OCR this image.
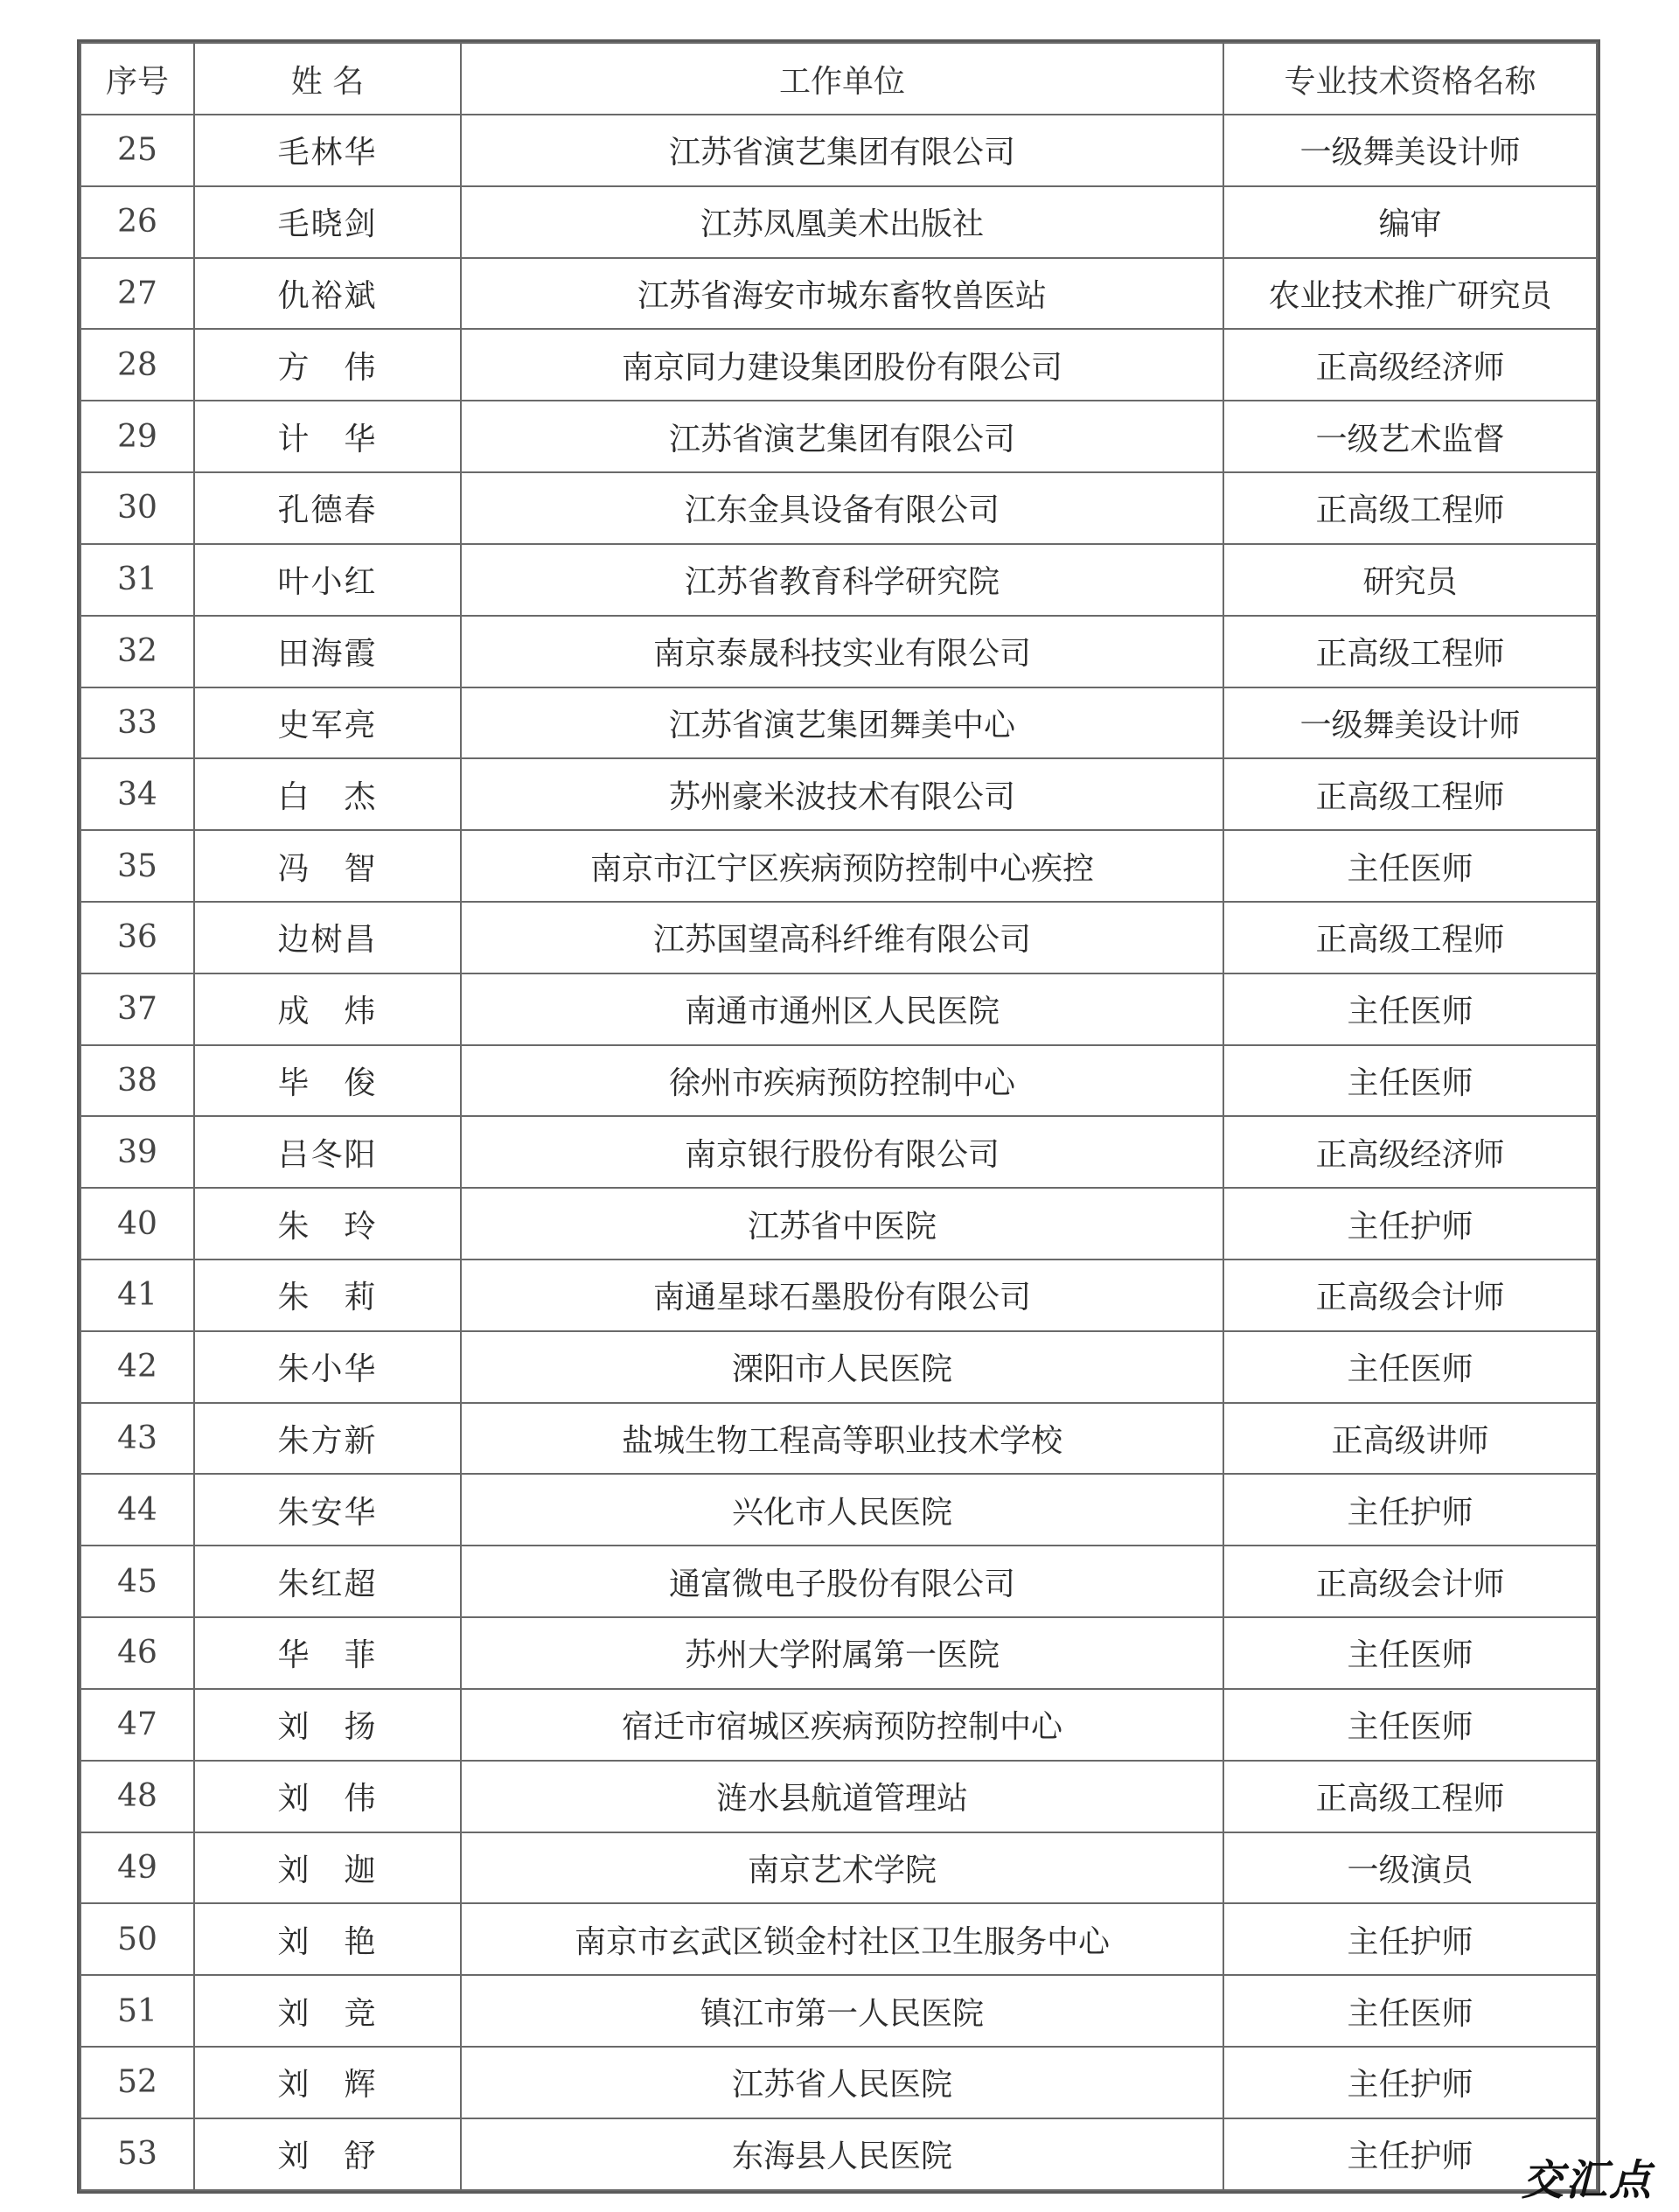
序号	姓 名	工作单位	专业技术资格名称
25	毛林华	江苏省演艺集团有限公司	一级舞美设计师
26	毛晓剑	江苏凤凰美术出版社	编审
27	仇裕斌	江苏省海安市城东畜牧兽医站	农业技术推广研究员
28	方　伟	南京同力建设集团股份有限公司	正高级经济师
29	计　华	江苏省演艺集团有限公司	一级艺术监督
30	孔德春	江东金具设备有限公司	正高级工程师
31	叶小红	江苏省教育科学研究院	研究员
32	田海霞	南京泰晟科技实业有限公司	正高级工程师
33	史军亮	江苏省演艺集团舞美中心	一级舞美设计师
34	白　杰	苏州豪米波技术有限公司	正高级工程师
35	冯　智	南京市江宁区疾病预防控制中心疾控	主任医师
36	边树昌	江苏国望高科纤维有限公司	正高级工程师
37	成　炜	南通市通州区人民医院	主任医师
38	毕　俊	徐州市疾病预防控制中心	主任医师
39	吕冬阳	南京银行股份有限公司	正高级经济师
40	朱　玲	江苏省中医院	主任护师
41	朱　莉	南通星球石墨股份有限公司	正高级会计师
42	朱小华	溧阳市人民医院	主任医师
43	朱方新	盐城生物工程高等职业技术学校	正高级讲师
44	朱安华	兴化市人民医院	主任护师
45	朱红超	通富微电子股份有限公司	正高级会计师
46	华　菲	苏州大学附属第一医院	主任医师
47	刘　扬	宿迁市宿城区疾病预防控制中心	主任医师
48	刘　伟	涟水县航道管理站	正高级工程师
49	刘　迦	南京艺术学院	一级演员
50	刘　艳	南京市玄武区锁金村社区卫生服务中心	主任护师
51	刘　竞	镇江市第一人民医院	主任医师
52	刘　辉	江苏省人民医院	主任护师
53	刘　舒	东海县人民医院	主任护师 交汇点
